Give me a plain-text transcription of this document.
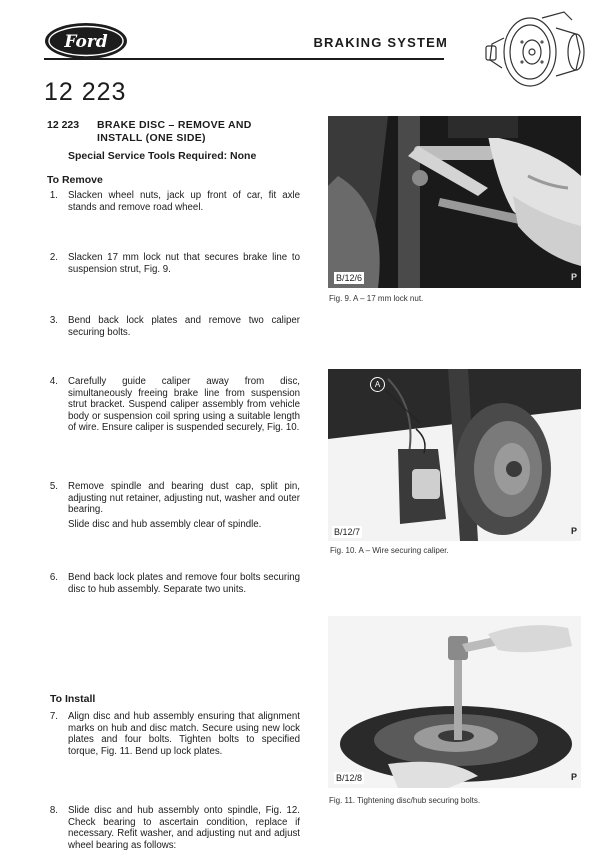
Ford	BRAKING SYSTEM
12 223
12 223 BRAKE DISC – REMOVE AND INSTALL (ONE SIDE)
Special Service Tools Required: None
To Remove
1. Slacken wheel nuts, jack up front of car, fit axle stands and remove road wheel.
2. Slacken 17 mm lock nut that secures brake line to suspension strut, Fig. 9.
3. Bend back lock plates and remove two caliper securing bolts.
4. Carefully guide caliper away from disc, simultaneously freeing brake line from suspension strut bracket. Suspend caliper assembly from vehicle body or suspension coil spring using a suitable length of wire. Ensure caliper is suspended securely, Fig. 10.
5. Remove spindle and bearing dust cap, split pin, adjusting nut retainer, adjusting nut, washer and outer bearing.
Slide disc and hub assembly clear of spindle.
6. Bend back lock plates and remove four bolts securing disc to hub assembly. Separate two units.
To Install
7. Align disc and hub assembly ensuring that alignment marks on hub and disc match. Secure using new lock plates and four bolts. Tighten bolts to specified torque, Fig. 11. Bend up lock plates.
8. Slide disc and hub assembly onto spindle, Fig. 12. Check bearing to ascertain condition, replace if necessary. Refit washer, and adjusting nut and adjust wheel bearing as follows:
B/12/6	P
Fig. 9. A – 17 mm lock nut.
A
B/12/7	P
Fig. 10. A – Wire securing caliper.
B/12/8	P
Fig. 11. Tightening disc/hub securing bolts.
